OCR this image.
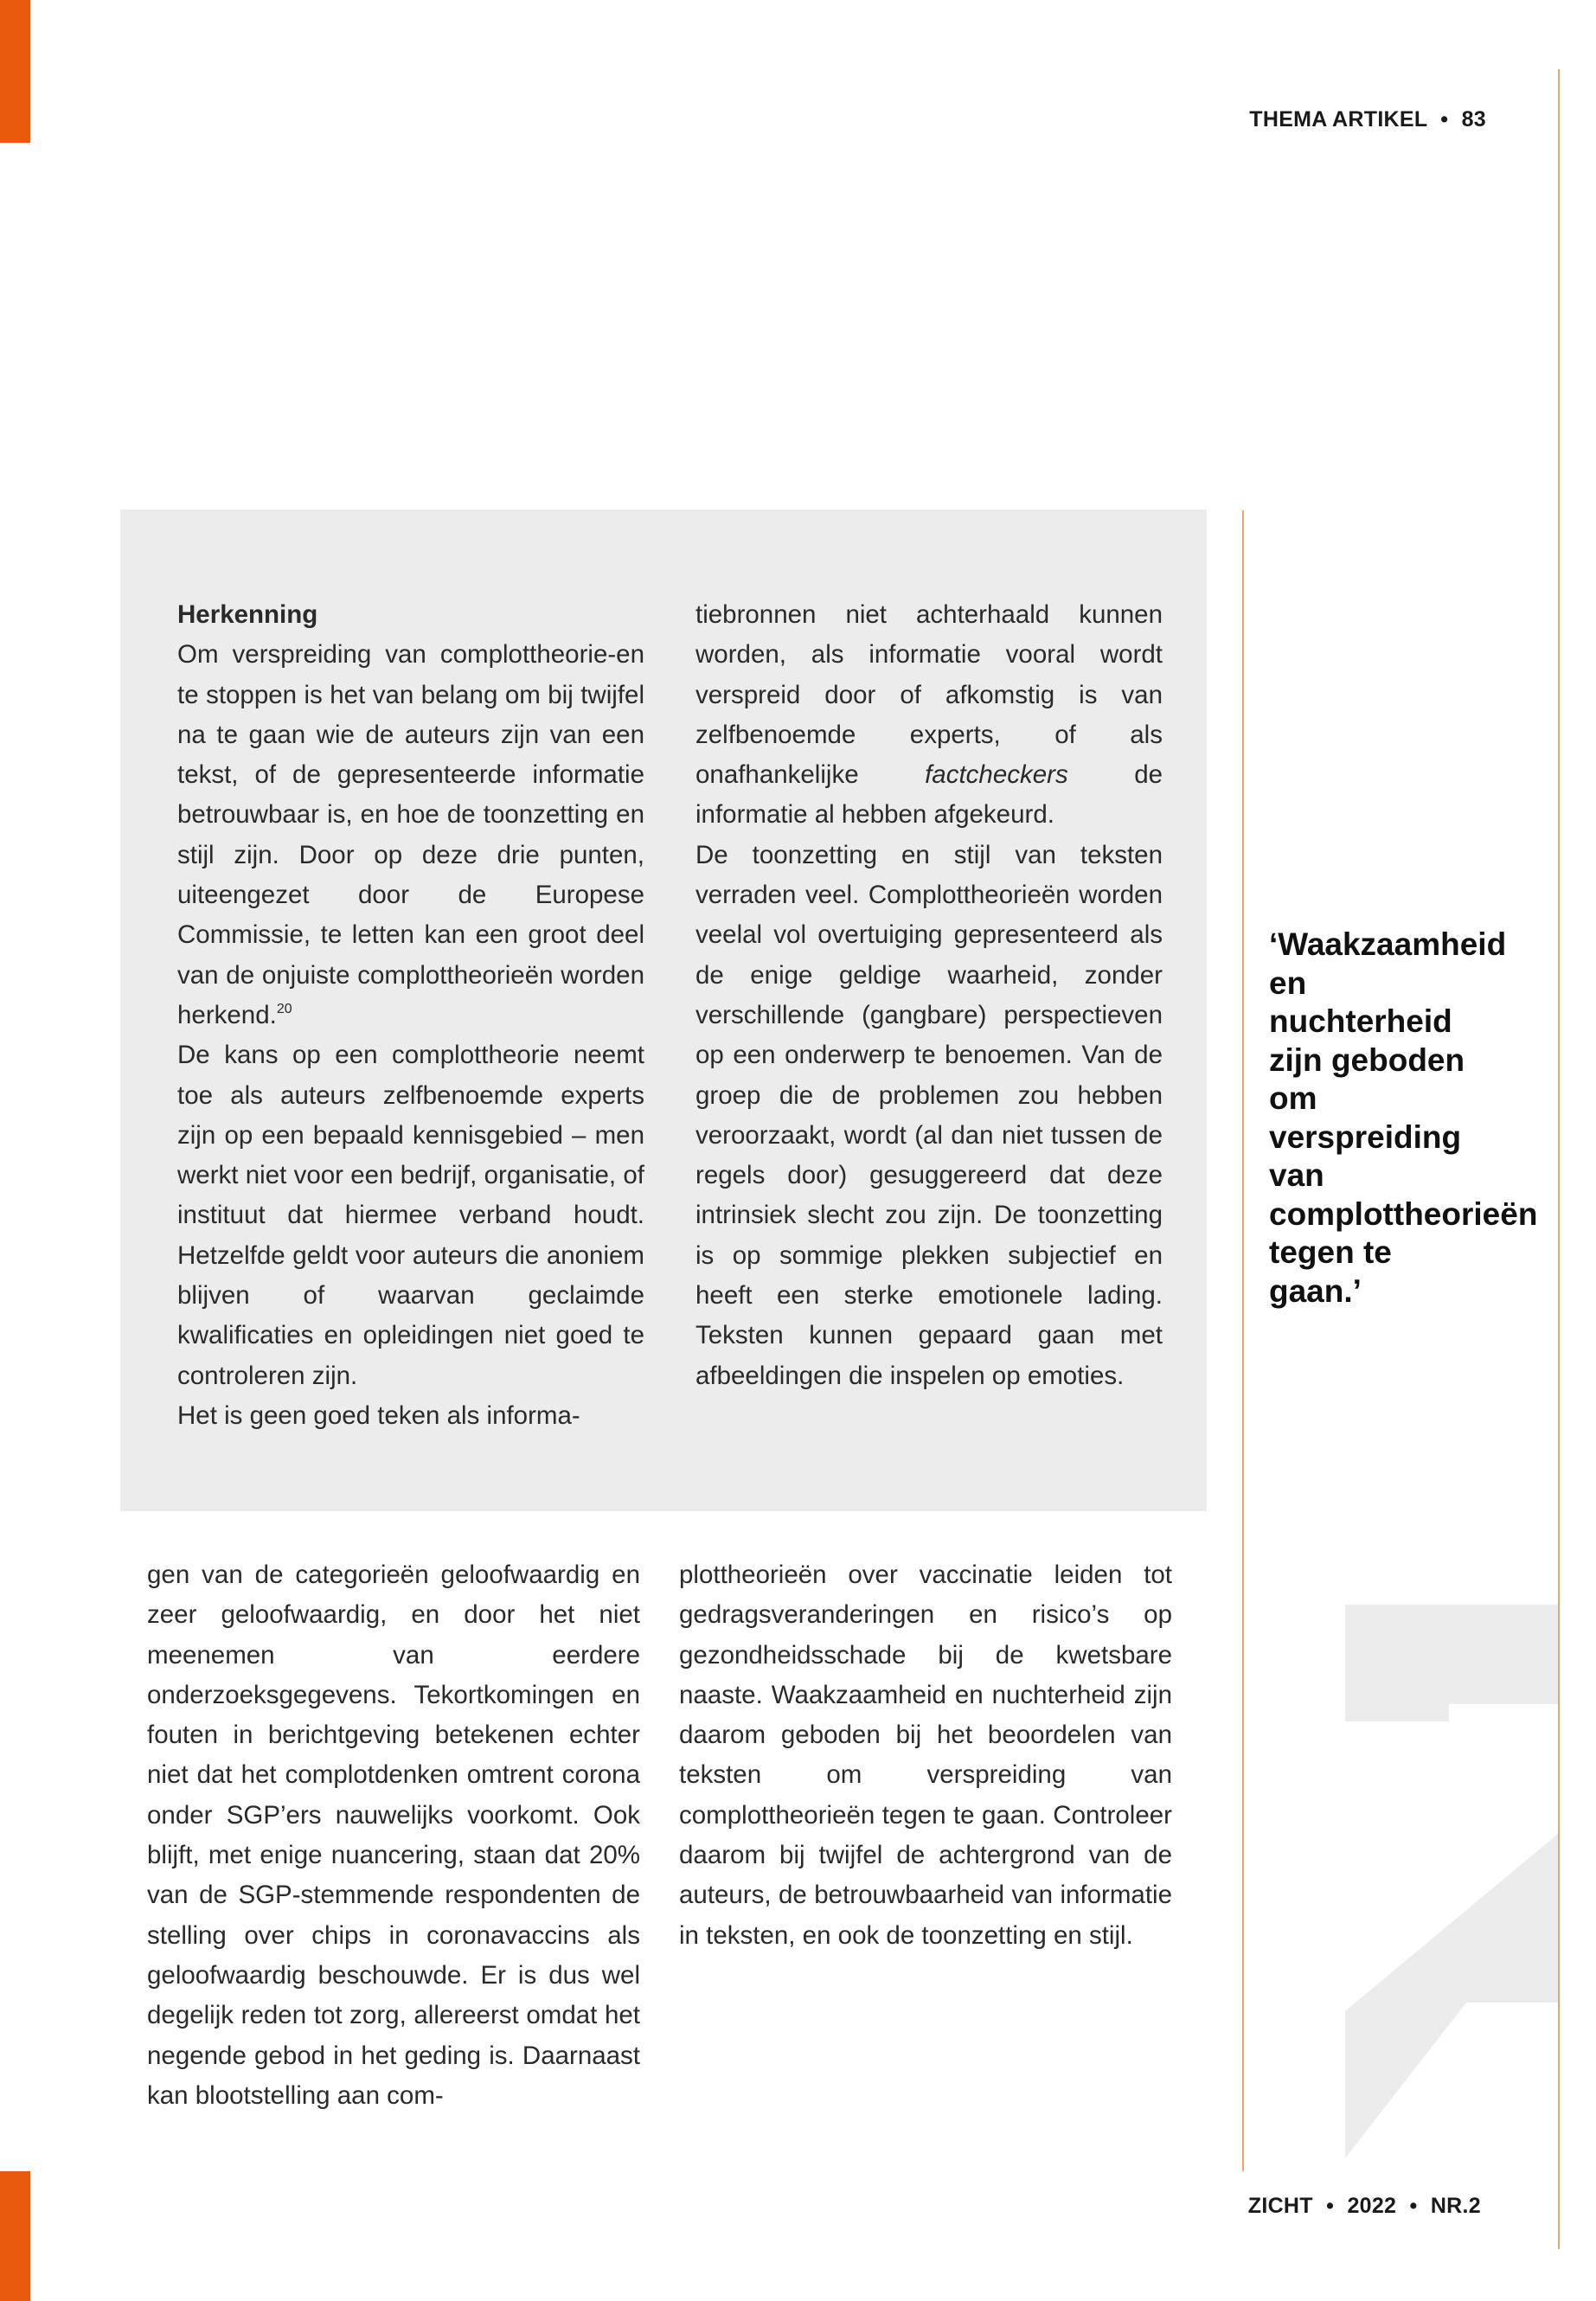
THEMA ARTIKEL • 83

Herkenning

Om verspreiding van complottheorie-en te stoppen is het van belang om bij twijfel na te gaan wie de auteurs zijn van een tekst, of de gepresenteerde informatie betrouwbaar is, en hoe de toonzetting en stijl zijn. Door op deze drie punten, uiteengezet door de Europese Commissie, te letten kan een groot deel van de onjuiste complottheorieën worden herkend.$^{20}$

De kans op een complottheorie neemt toe als auteurs zelfbenoemde experts zijn op een bepaald kennisgebied – men werkt niet voor een bedrijf, organisatie, of instituut dat hiermee verband houdt. Hetzelfde geldt voor auteurs die anoniem blijven of waarvan geclaimde kwalificaties en opleidingen niet goed te controleren zijn.

Het is geen goed teken als informa-

tiebronnen niet achterhaald kunnen worden, als informatie vooral wordt verspreid door of afkomstig is van zelfbenoemde experts, of als onafhankelijke	factcheckers	de informatie al hebben afgekeurd.

De toonzetting en stijl van teksten verraden veel. Complottheorieën worden veelal vol overtuiging gepresenteerd als de enige geldige waarheid, zonder verschillende (gangbare) perspectieven op een onderwerp te benoemen. Van de groep die de problemen zou hebben veroorzaakt, wordt (al dan niet tussen de regels door) gesuggereerd dat deze intrinsiek slecht zou zijn. De toonzetting is op sommige plekken subjectief en heeft een sterke emotionele lading. Teksten kunnen gepaard gaan met afbeeldingen die inspelen op emoties.

‘Waakzaamheid en nuchterheid zijn geboden om verspreiding van complottheorieën tegen te gaan.’

gen van de categorieën geloofwaardig en zeer geloofwaardig, en door het niet meenemen van eerdere onderzoeksgegevens. Tekortkomingen en fouten in berichtgeving betekenen echter niet dat het complotdenken omtrent corona onder SGP’ers nauwelijks voorkomt. Ook blijft, met enige nuancering, staan dat 20% van de SGP-stemmende respondenten de stelling over chips in coronavaccins als geloofwaardig beschouwde. Er is dus wel degelijk reden tot zorg, allereerst omdat het negende gebod in het geding is. Daarnaast kan blootstelling aan com-

plottheorieën over vaccinatie leiden tot gedragsveranderingen en risico’s op gezondheidsschade bij de kwetsbare naaste. Waakzaamheid en nuchterheid zijn daarom geboden bij het beoordelen van teksten om verspreiding van complottheorieën tegen te gaan. Controleer daarom bij twijfel de achtergrond van de auteurs, de betrouwbaarheid van informatie in teksten, en ook de toonzetting en stijl.

ZICHT • 2022 • NR.2
